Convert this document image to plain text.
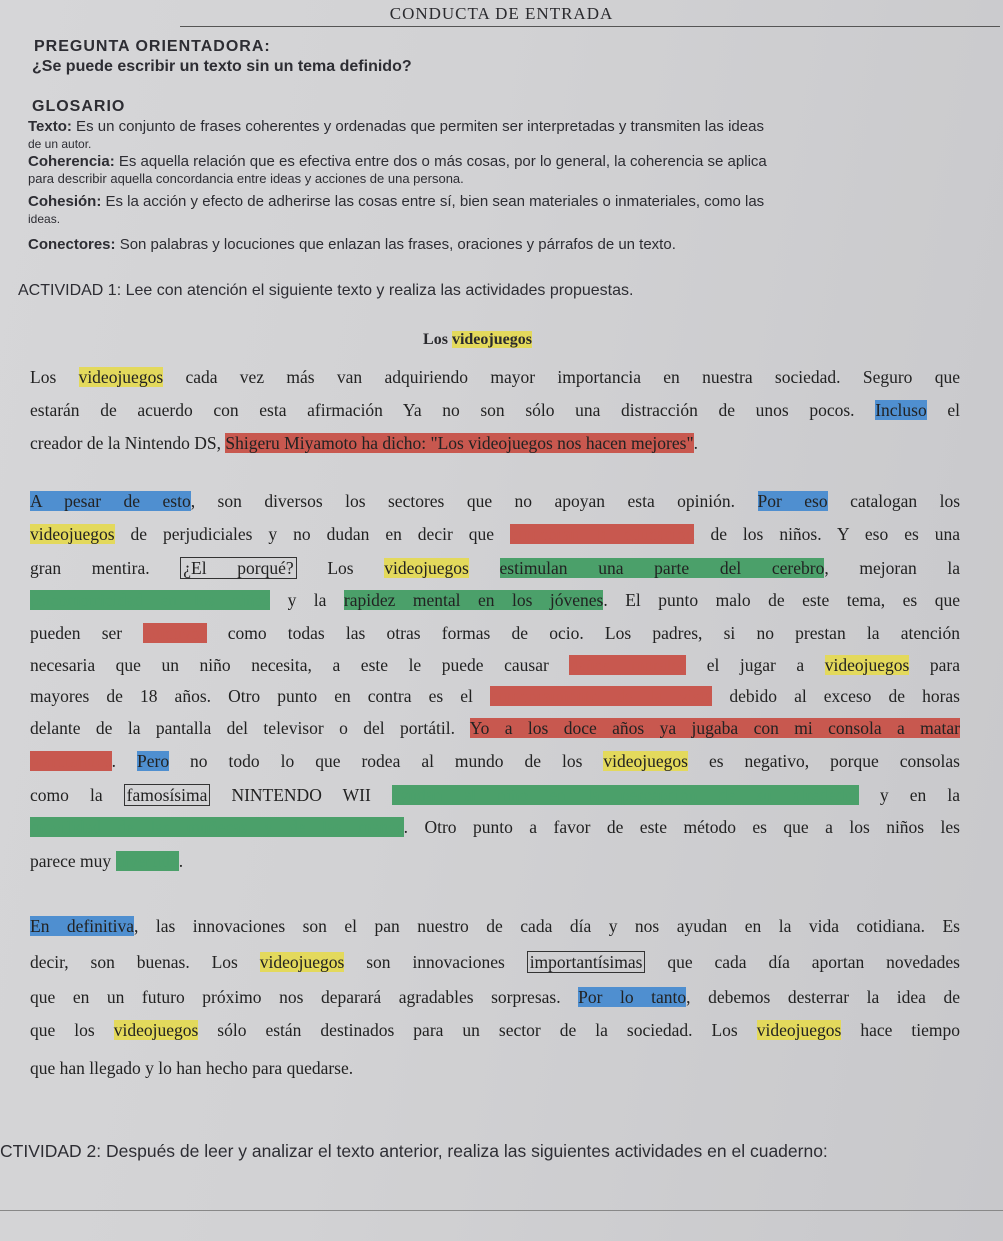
CONDUCTA DE ENTRADA
PREGUNTA ORIENTADORA:
¿Se puede escribir un texto sin un tema definido?
GLOSARIO
Texto: Es un conjunto de frases coherentes y ordenadas que permiten ser interpretadas y transmiten las ideas
de un autor.
Coherencia: Es aquella relación que es efectiva entre dos o más cosas, por lo general, la coherencia se aplica
para describir aquella concordancia entre ideas y acciones de una persona.
Cohesión: Es la acción y efecto de adherirse las cosas entre sí, bien sean materiales o inmateriales, como las
ideas.
Conectores: Son palabras y locuciones que enlazan las frases, oraciones y párrafos de un texto.
ACTIVIDAD 1: Lee con atención el siguiente texto y realiza las actividades propuestas.
Los videojuegos
Los videojuegos cada vez más van adquiriendo mayor importancia en nuestra sociedad. Seguro que
estarán de acuerdo con esta afirmación Ya no son sólo una distracción de unos pocos. Incluso el
creador de la Nintendo DS, Shigeru Miyamoto ha dicho: "Los videojuegos nos hacen mejores".
A pesar de esto, son diversos los sectores que no apoyan esta opinión. Por eso catalogan los
videojuegos de perjudiciales y no dudan en decir que empeoran la educación de los niños. Y eso es una
gran mentira. ¿El porqué? Los videojuegos estimulan una parte del cerebro, mejoran la
psicomotricidad en los niños y la rapidez mental en los jóvenes. El punto malo de este tema, es que
pueden ser adictivos como todas las otras formas de ocio. Los padres, si no prestan la atención
necesaria que un niño necesita, a este le puede causar daños morales el jugar a videojuegos para
mayores de 18 años. Otro punto en contra es el empeoramiento de la vista debido al exceso de horas
delante de la pantalla del televisor o del portátil. Yo a los doce años ya jugaba con mi consola a matar
marcianitos. Pero no todo lo que rodea al mundo de los videojuegos es negativo, porque consolas
como la famosísima NINTENDO WII ayudan al niño en la percepción de su alrededor y en la
movilidad de las muñecas y de las manos. Otro punto a favor de este método es que a los niños les
parece muy divertido.
En definitiva, las innovaciones son el pan nuestro de cada día y nos ayudan en la vida cotidiana. Es
decir, son buenas. Los videojuegos son innovaciones importantísimas que cada día aportan novedades
que en un futuro próximo nos deparará agradables sorpresas. Por lo tanto, debemos desterrar la idea de
que los videojuegos sólo están destinados para un sector de la sociedad. Los videojuegos hace tiempo
que han llegado y lo han hecho para quedarse.
CTIVIDAD 2: Después de leer y analizar el texto anterior, realiza las siguientes actividades en el cuaderno:
